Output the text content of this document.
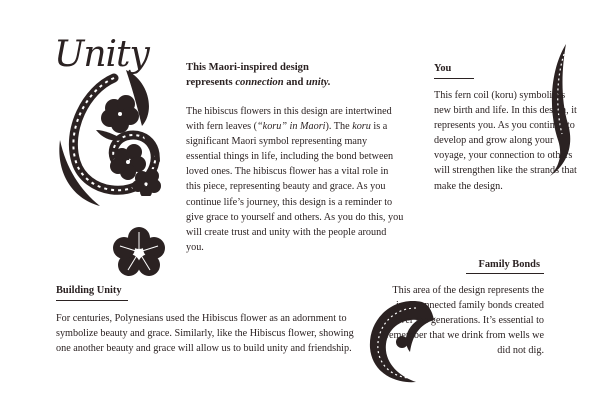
Unity	This Maori-inspired design
represents connection and unity.
The hibiscus flowers in this design are intertwined with fern leaves (“koru” in Maori). The koru is a significant Maori symbol representing many essential things in life, including the bond between loved ones. The hibiscus flower has a vital role in this piece, representing beauty and grace. As you continue life’s journey, this design is a reminder to give grace to yourself and others. As you do this, you will create trust and unity with the people around you.
You
This fern coil (koru) symbolizes new birth and life. In this design, it represents you. As you continue to develop and grow along your voyage, your connection to others will strengthen like the strands that make the design.
Building Unity
For centuries, Polynesians used the Hibiscus flower as an adornment to symbolize beauty and grace. Similarly, like the Hibiscus flower, showing one another beauty and grace will allow us to build unity and friendship.
Family Bonds
This area of the design represents the interconnected family bonds created over the generations. It’s essential to remember that we drink from wells we did not dig.
